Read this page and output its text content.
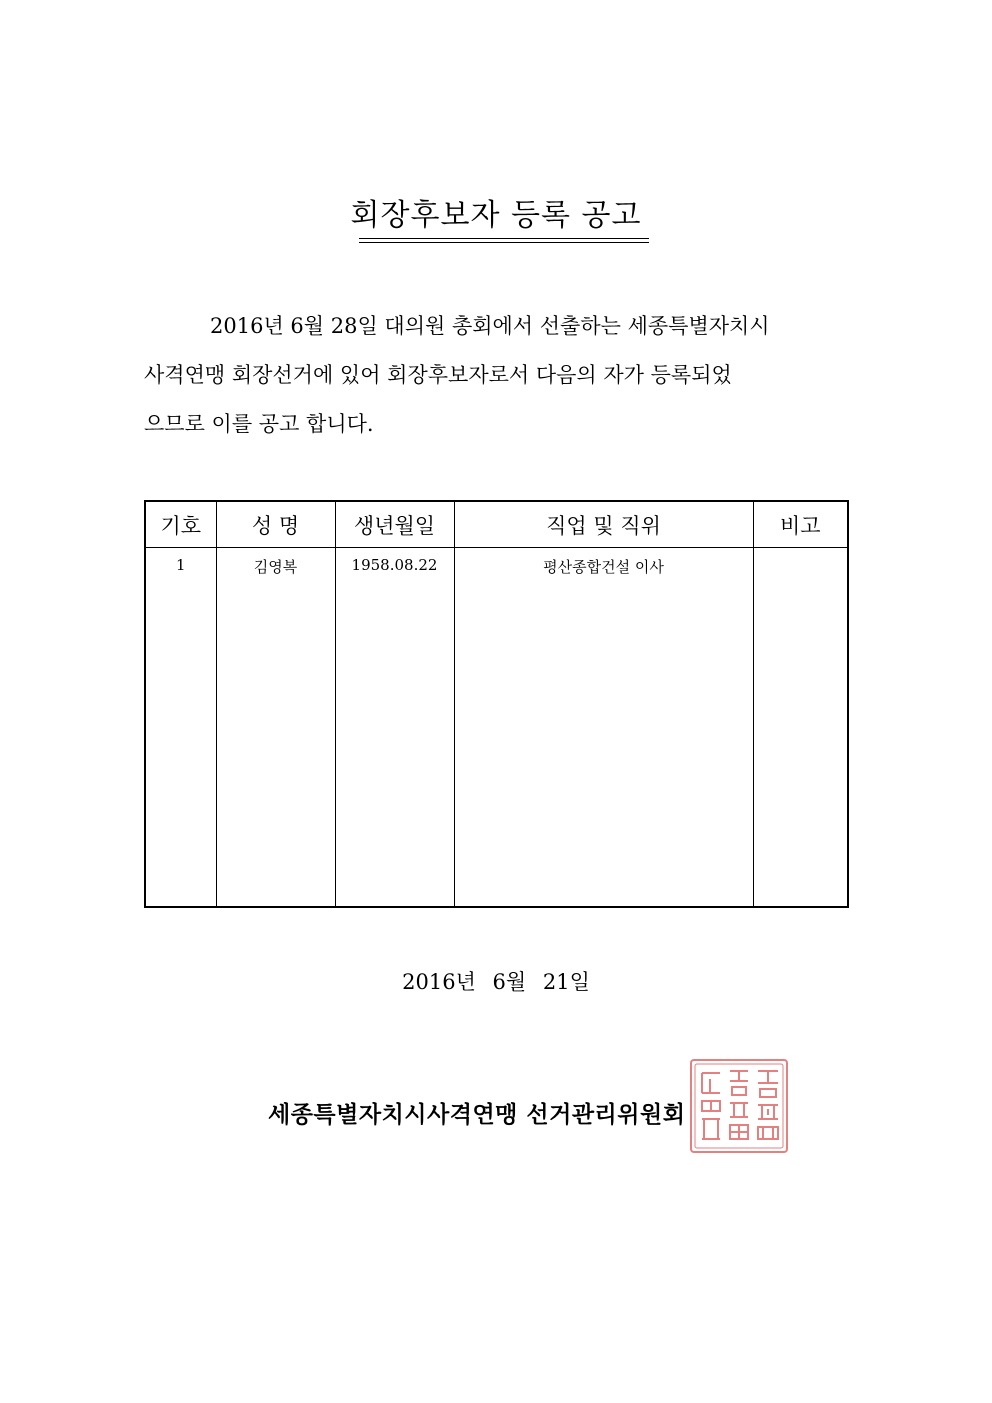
회장후보자 등록 공고
2016년 6월 28일 대의원 총회에서 선출하는 세종특별자치시
사격연맹 회장선거에 있어 회장후보자로서 다음의 자가 등록되었
으므로 이를 공고 합니다.
기호	성 명	생년월일	직업 및 직위	비고
1	김영복	1958.08.22	평산종합건설 이사	
2016년 6월 21일
세종특별자치시사격연맹 선거관리위원회
